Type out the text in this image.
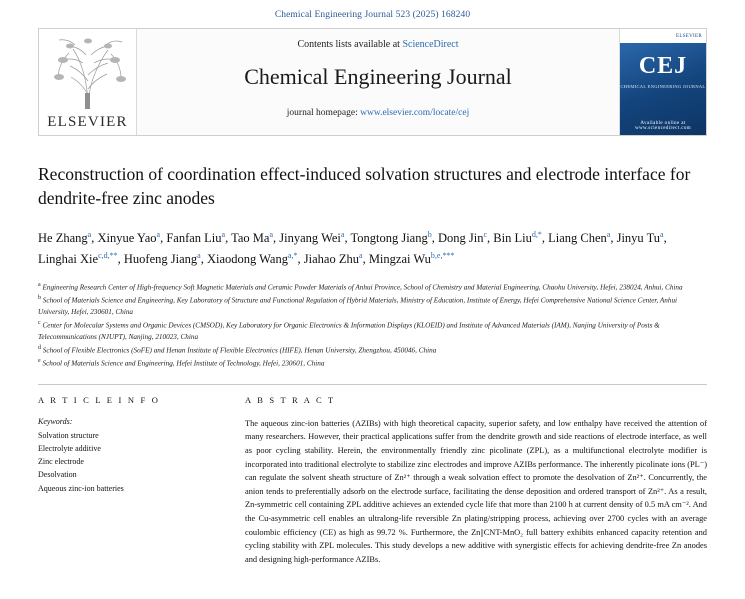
Chemical Engineering Journal 523 (2025) 168240
ELSEVIER
Contents lists available at ScienceDirect
Chemical Engineering Journal
journal homepage: www.elsevier.com/locate/cej
ELSEVIER
CEJ
CHEMICAL ENGINEERING JOURNAL
Available online at www.sciencedirect.com
Reconstruction of coordination effect-induced solvation structures and electrode interface for dendrite-free zinc anodes
He Zhang$^a$, Xinyue Yao$^a$, Fanfan Liu$^a$, Tao Ma$^a$, Jinyang Wei$^a$, Tongtong Jiang$^b$, Dong Jin$^c$, Bin Liu$^{d,*}$, Liang Chen$^a$, Jinyu Tu$^a$, Linghai Xie$^{c,d,**}$, Huofeng Jiang$^a$, Xiaodong Wang$^{a,*}$, Jiahao Zhu$^a$, Mingzai $Wu^{b,e,***}$
$^a$ Engineering Research Center of High-frequency Soft Magnetic Materials and Ceramic Powder Materials of Anhui Province, School of Chemistry and Material Engineering, Chaohu University, Hefei, 238024, Anhui, China
$^b$ School of Materials Science and Engineering, Key Laboratory of Structure and Functional Regulation of Hybrid Materials, Ministry of Education, Institute of Energy, Hefei Comprehensive National Science Center, Anhui University, Hefei, 230601, China
$^c$ Center for Molecular Systems and Organic Devices (CMSOD), Key Laboratory for Organic Electronics & Information Displays (KLOEID) and Institute of Advanced Materials (IAM), Nanjing University of Posts & Telecommunications (NJUPT), Nanjing, 210023, China
$^d$ School of Flexible Electronics (SoFE) and Henan Institute of Flexible Electronics (HIFE), Henan University, Zhengzhou, 450046, China
$^e$ School of Materials Science and Engineering, Hefei Institute of Technology, Hefei, 230601, China
A R T I C L E I N F O
Keywords:
Solvation structure
Electrolyte additive
Zinc electrode
Desolvation
Aqueous zinc-ion batteries
A B S T R A C T
The aqueous zinc-ion batteries (AZIBs) with high theoretical capacity, superior safety, and low enthalpy have received the attention of many researchers. However, their practical applications suffer from the dendrite growth and side reactions of electrode interface, as well as poor cycling stability. Herein, the environmentally friendly zinc picolinate (ZPL), as a multifunctional electrolyte modifier is incorporated into traditional electrolyte to stabilize zinc electrodes and improve AZIBs performance. The inherently picolinate ions (PL⁻) can regulate the solvent sheath structure of Zn²⁺ through a weak solvation effect to promote the desolvation of Zn²⁺. Concurrently, the anion tends to preferentially adsorb on the electrode surface, facilitating the dense deposition and ordered transport of Zn²⁺. As a result, Zn-symmetric cell containing ZPL additive achieves an extended cycle life that more than 2100 h at current density of 0.5 mA cm⁻². And the Cu-asymmetric cell enables an ultralong-life reversible Zn plating/stripping process, achieving over 2700 cycles with an average coulombic efficiency (CE) as high as 99.72 %. Furthermore, the Zn||CNT-MnO₂ full battery exhibits enhanced capacity retention and cycling stability with ZPL molecules. This study develops a new additive with synergistic effects for achieving dendrite-free Zn anodes and designing high-performance AZIBs.
